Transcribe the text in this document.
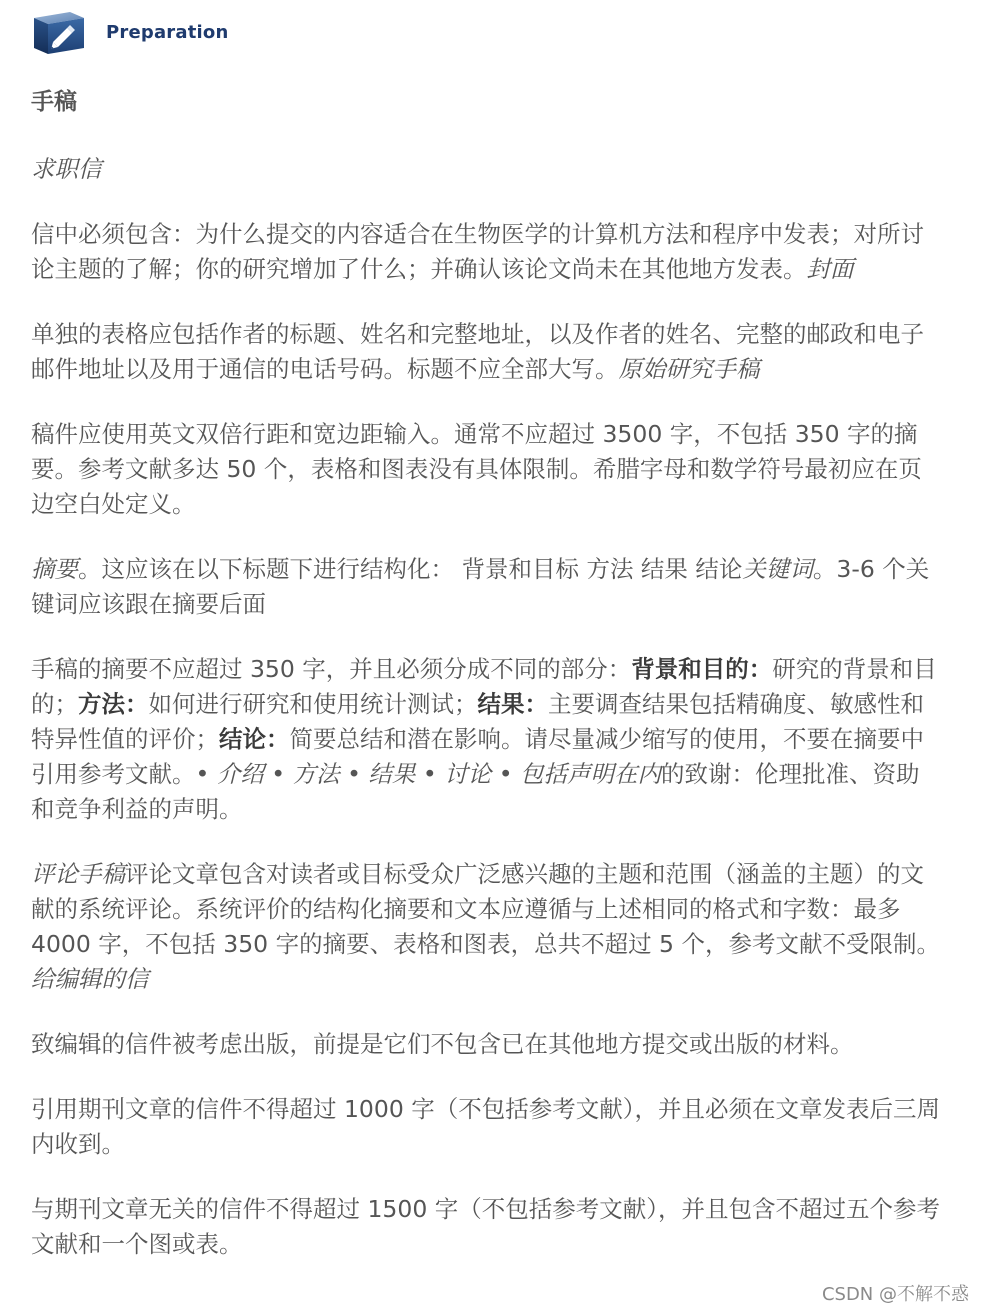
Preparation
手稿
求职信
信中必须包含：为什么提交的内容适合在生物医学的计算机方法和程序中发表；对所讨论主题的了解；你的研究增加了什么；并确认该论文尚未在其他地方发表。封面
单独的表格应包括作者的标题、姓名和完整地址，以及作者的姓名、完整的邮政和电子邮件地址以及用于通信的电话号码。标题不应全部大写。原始研究手稿
稿件应使用英文双倍行距和宽边距输入。通常不应超过 3500 字，不包括 350 字的摘要。参考文献多达 50 个，表格和图表没有具体限制。希腊字母和数学符号最初应在页边空白处定义。
摘要。这应该在以下标题下进行结构化： 背景和目标 方法 结果 结论关键词。3-6 个关键词应该跟在摘要后面
手稿的摘要不应超过 350 字，并且必须分成不同的部分：背景和目的：研究的背景和目的；方法：如何进行研究和使用统计测试；结果：主要调查结果包括精确度、敏感性和特异性值的评价；结论：简要总结和潜在影响。请尽量减少缩写的使用，不要在摘要中引用参考文献。• 介绍 • 方法 • 结果 • 讨论 • 包括声明在内的致谢：伦理批准、资助和竞争利益的声明。
评论手稿评论文章包含对读者或目标受众广泛感兴趣的主题和范围（涵盖的主题）的文献的系统评论。系统评价的结构化摘要和文本应遵循与上述相同的格式和字数：最多 4000 字，不包括 350 字的摘要、表格和图表，总共不超过 5 个，参考文献不受限制。给编辑的信
致编辑的信件被考虑出版，前提是它们不包含已在其他地方提交或出版的材料。
引用期刊文章的信件不得超过 1000 字（不包括参考文献），并且必须在文章发表后三周内收到。
与期刊文章无关的信件不得超过 1500 字（不包括参考文献），并且包含不超过五个参考文献和一个图或表。
CSDN @不解不惑
